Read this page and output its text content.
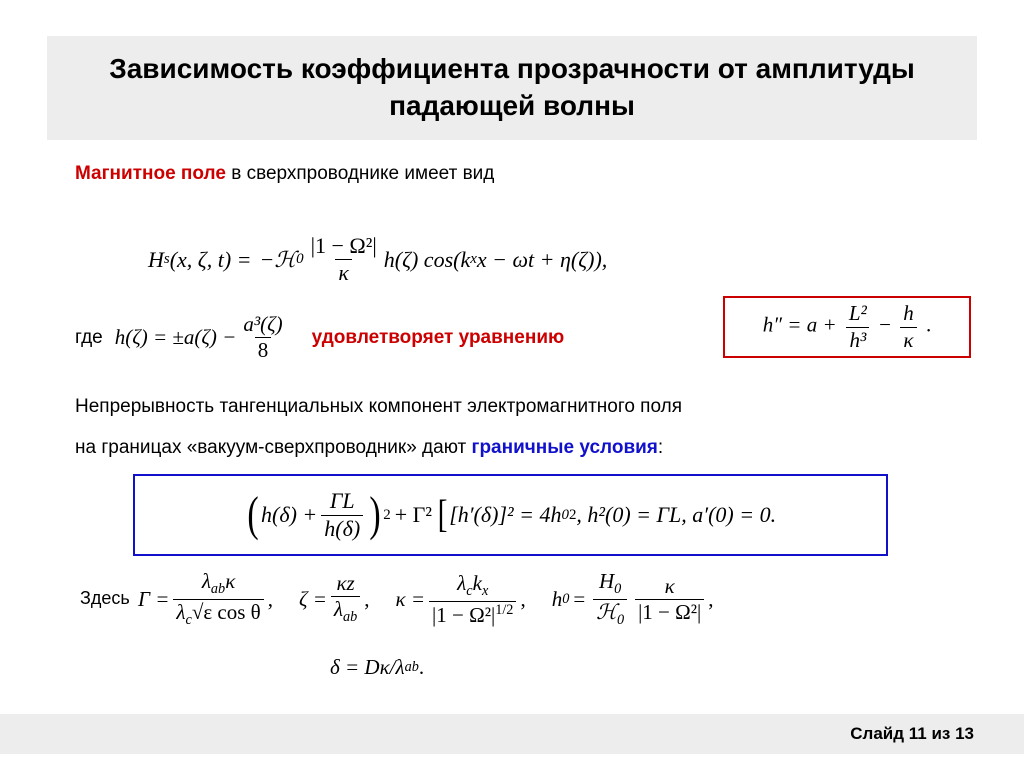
Зависимость коэффициента прозрачности от амплитуды падающей волны
Магнитное поле в сверхпроводнике имеет вид
H s (x, ζ, t) = −ℋ $0 \frac{\text{|1 − Ω²|}}{\kappa} h(\zeta)$ cos(k x x − ωt + η(ζ)),
где $h(\zeta) = \pm a(\zeta) - \frac{\text{a³(ζ)}}{8}$ удовлетворяет уравнению
$h'' = a + \frac{\text{L²}}{\text{h³}} - \frac{h}{\kappa}$ .
Непрерывность тангенциальных компонент электромагнитного поля
на границах «вакуум-сверхпроводник» дают граничные условия:
( $h(\delta) + \frac{\Gamma L}{h(\delta)}$ ) 2 + Γ² [ [h′(δ)]² = 4h 0 2 , h²(0) = ΓL, a′(0) = 0.
Здесь $\Gamma = \frac{\lambda_{ab}\kappa}{\lambda_c√\varepsilon \cos \theta}$ , $\zeta = \frac{\kappa z}{\lambda_{ab}}$ , $\kappa = \frac{\lambda_ck_x}{|1 - \Omega^2|^{1/2}}$ , h $0 = \frac{H_0}{ℋ_0} \frac{\kappa}{\text{|1 − Ω²|}}$ ,
δ = Dκ/λ ab .
Слайд 11 из 13
